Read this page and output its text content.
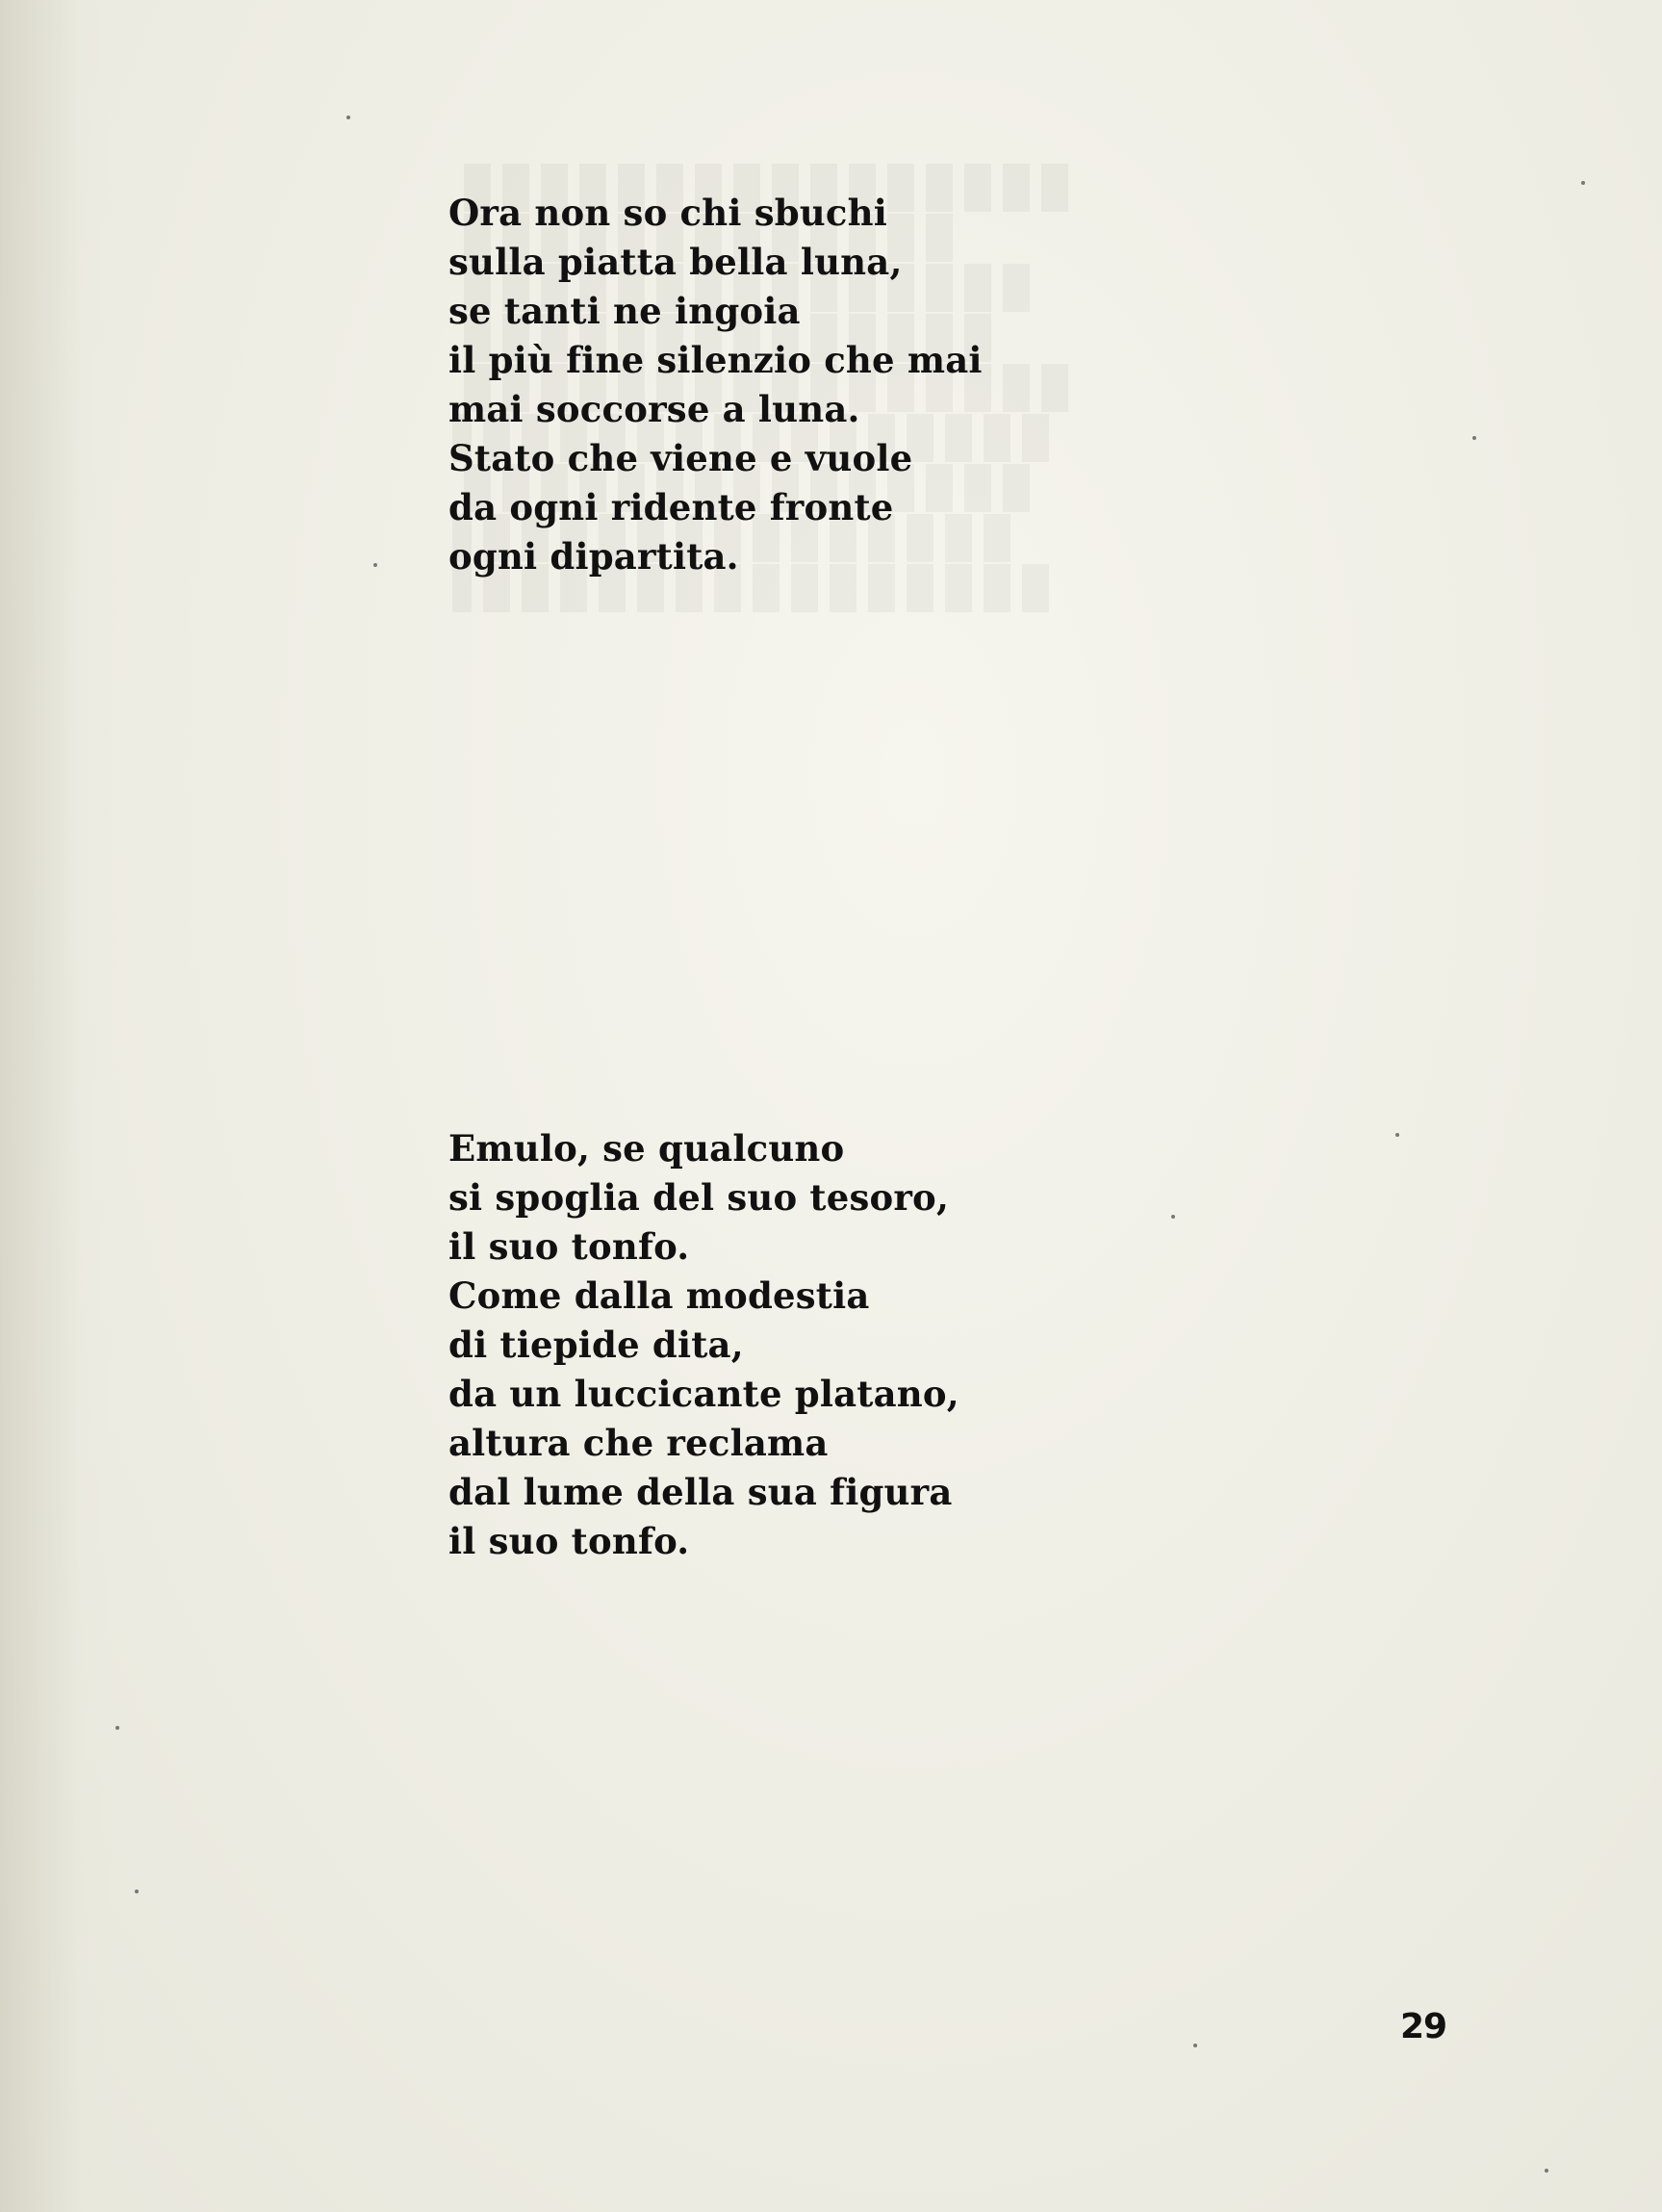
Ora non so chi sbuchi
sulla piatta bella luna,
se tanti ne ingoia
il più fine silenzio che mai
mai soccorse a luna.
Stato che viene e vuole
da ogni ridente fronte
ogni dipartita.
Emulo, se qualcuno
si spoglia del suo tesoro,
il suo tonfo.
Come dalla modestia
di tiepide dita,
da un luccicante platano,
altura che reclama
dal lume della sua figura
il suo tonfo.
29
